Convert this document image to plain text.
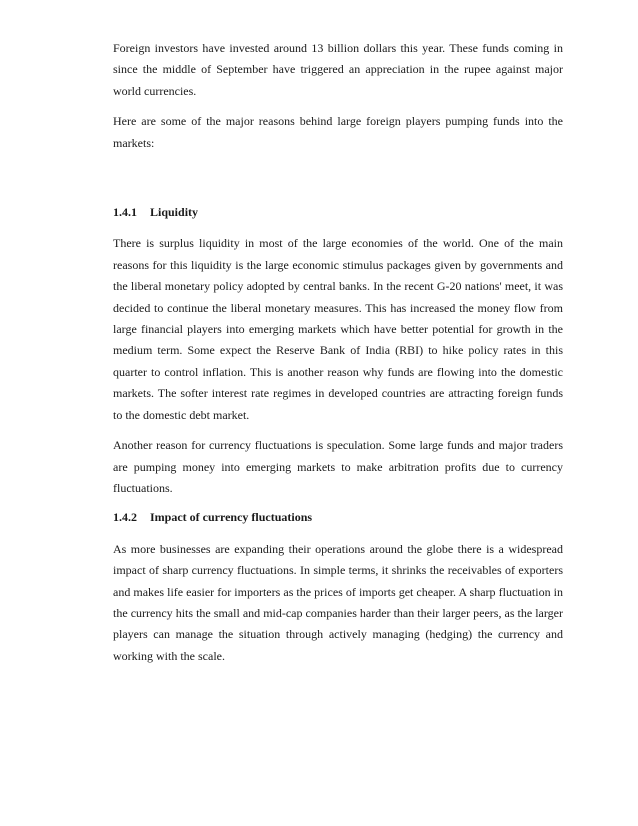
Foreign investors have invested around 13 billion dollars this year. These funds coming in since the middle of September have triggered an appreciation in the rupee against major world currencies.

Here are some of the major reasons behind large foreign players pumping funds into the markets:

1.4.1 Liquidity

There is surplus liquidity in most of the large economies of the world. One of the main reasons for this liquidity is the large economic stimulus packages given by governments and the liberal monetary policy adopted by central banks. In the recent G-20 nations' meet, it was decided to continue the liberal monetary measures. This has increased the money flow from large financial players into emerging markets which have better potential for growth in the medium term. Some expect the Reserve Bank of India (RBI) to hike policy rates in this quarter to control inflation. This is another reason why funds are flowing into the domestic markets. The softer interest rate regimes in developed countries are attracting foreign funds to the domestic debt market.

Another reason for currency fluctuations is speculation. Some large funds and major traders are pumping money into emerging markets to make arbitration profits due to currency fluctuations.

1.4.2 Impact of currency fluctuations

As more businesses are expanding their operations around the globe there is a widespread impact of sharp currency fluctuations. In simple terms, it shrinks the receivables of exporters and makes life easier for importers as the prices of imports get cheaper. A sharp fluctuation in the currency hits the small and mid-cap companies harder than their larger peers, as the larger players can manage the situation through actively managing (hedging) the currency and working with the scale.
